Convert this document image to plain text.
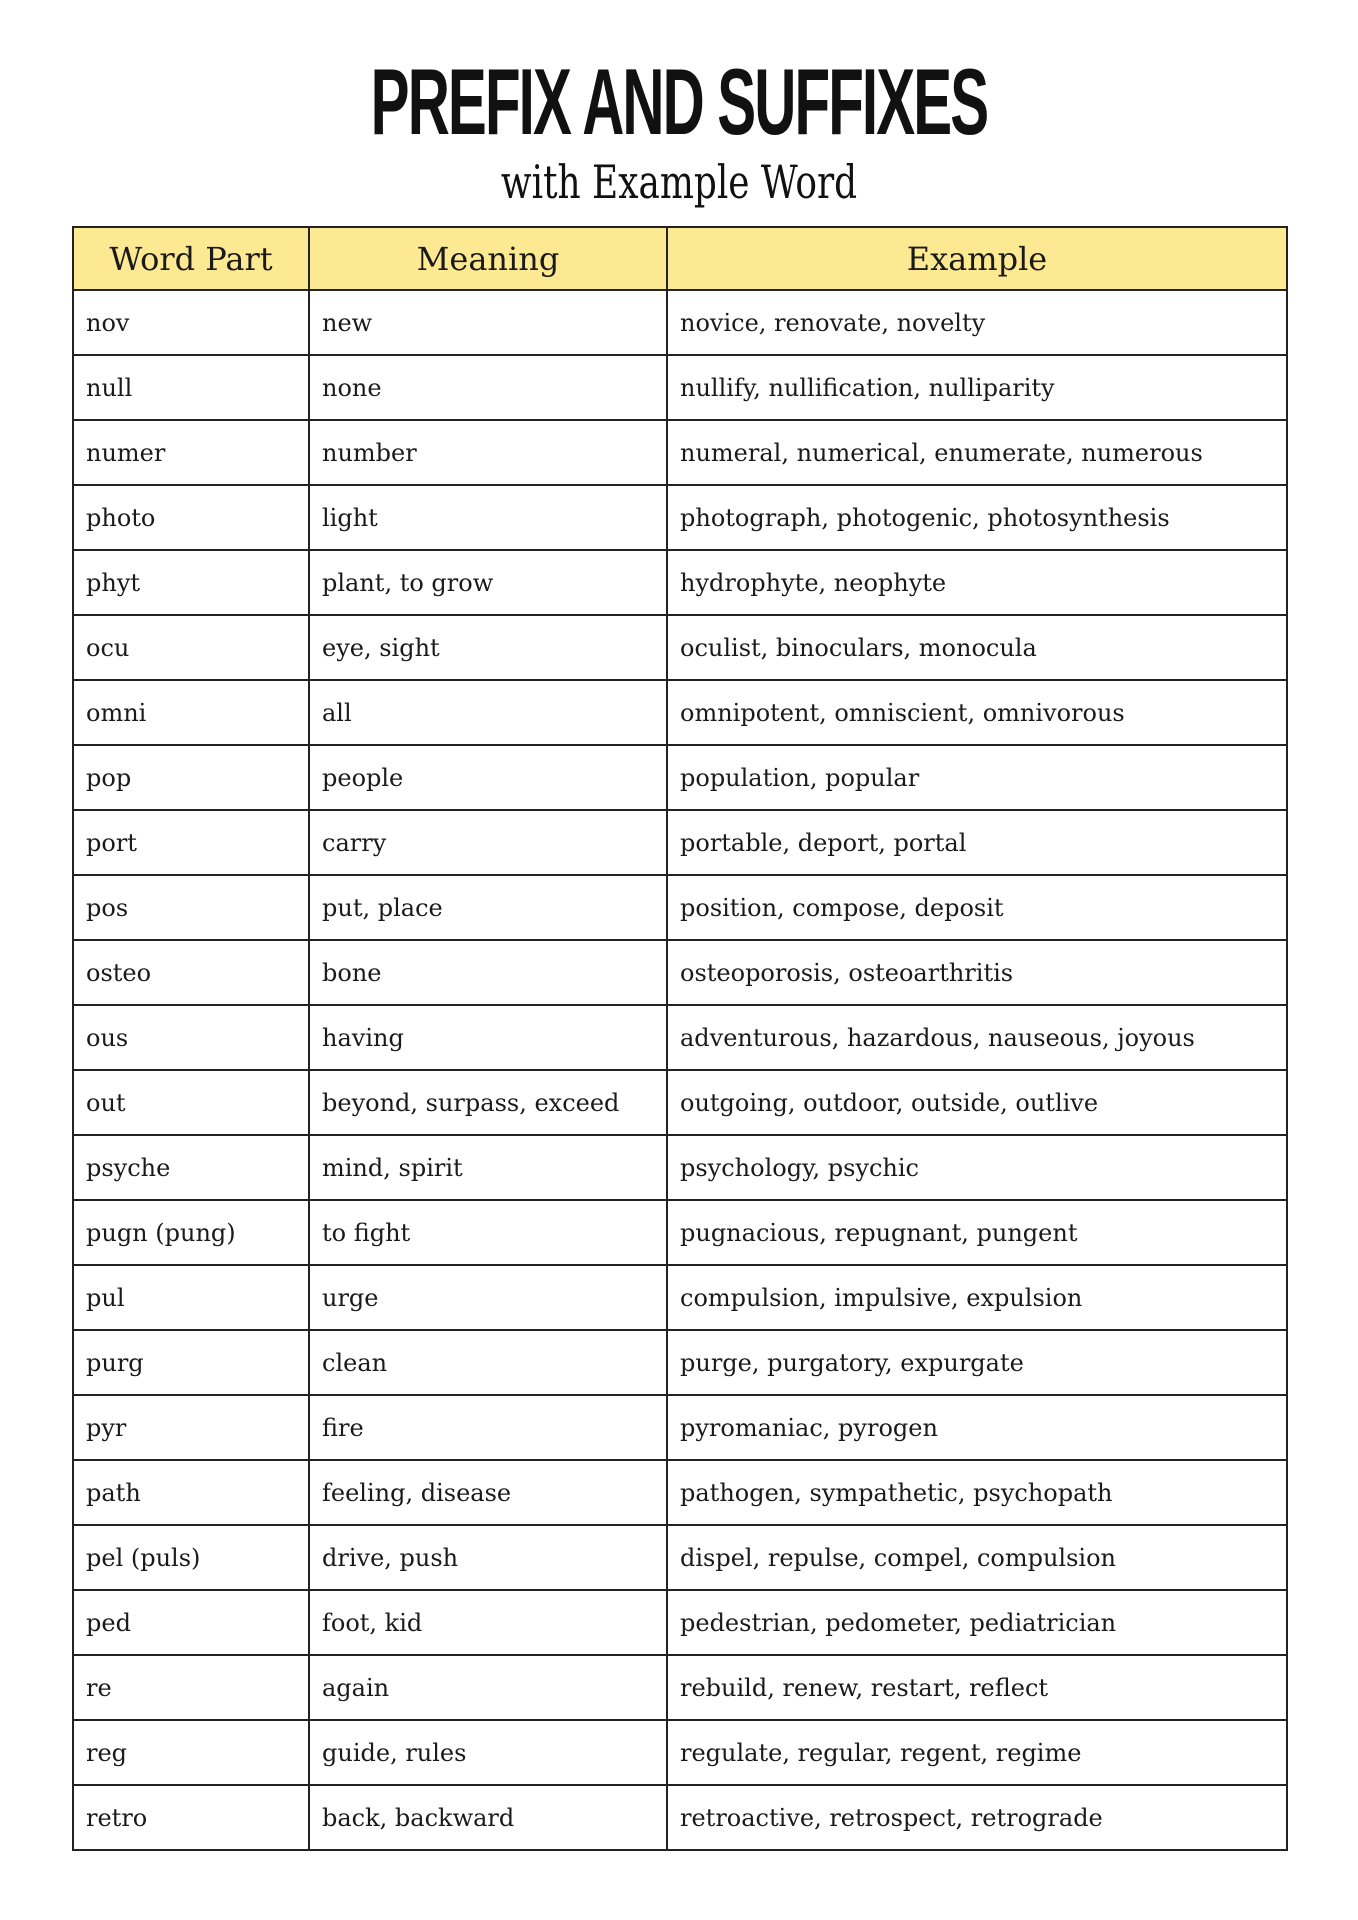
PREFIX AND SUFFIXES
with Example Word
Word Part	Meaning	Example
nov	new	novice, renovate, novelty
null	none	nullify, nullification, nulliparity
numer	number	numeral, numerical, enumerate, numerous
photo	light	photograph, photogenic, photosynthesis
phyt	plant, to grow	hydrophyte, neophyte
ocu	eye, sight	oculist, binoculars, monocula
omni	all	omnipotent, omniscient, omnivorous
pop	people	population, popular
port	carry	portable, deport, portal
pos	put, place	position, compose, deposit
osteo	bone	osteoporosis, osteoarthritis
ous	having	adventurous, hazardous, nauseous, joyous
out	beyond, surpass, exceed	outgoing, outdoor, outside, outlive
psyche	mind, spirit	psychology, psychic
pugn (pung)	to fight	pugnacious, repugnant, pungent
pul	urge	compulsion, impulsive, expulsion
purg	clean	purge, purgatory, expurgate
pyr	fire	pyromaniac, pyrogen
path	feeling, disease	pathogen, sympathetic, psychopath
pel (puls)	drive, push	dispel, repulse, compel, compulsion
ped	foot, kid	pedestrian, pedometer, pediatrician
re	again	rebuild, renew, restart, reflect
reg	guide, rules	regulate, regular, regent, regime
retro	back, backward	retroactive, retrospect, retrograde
